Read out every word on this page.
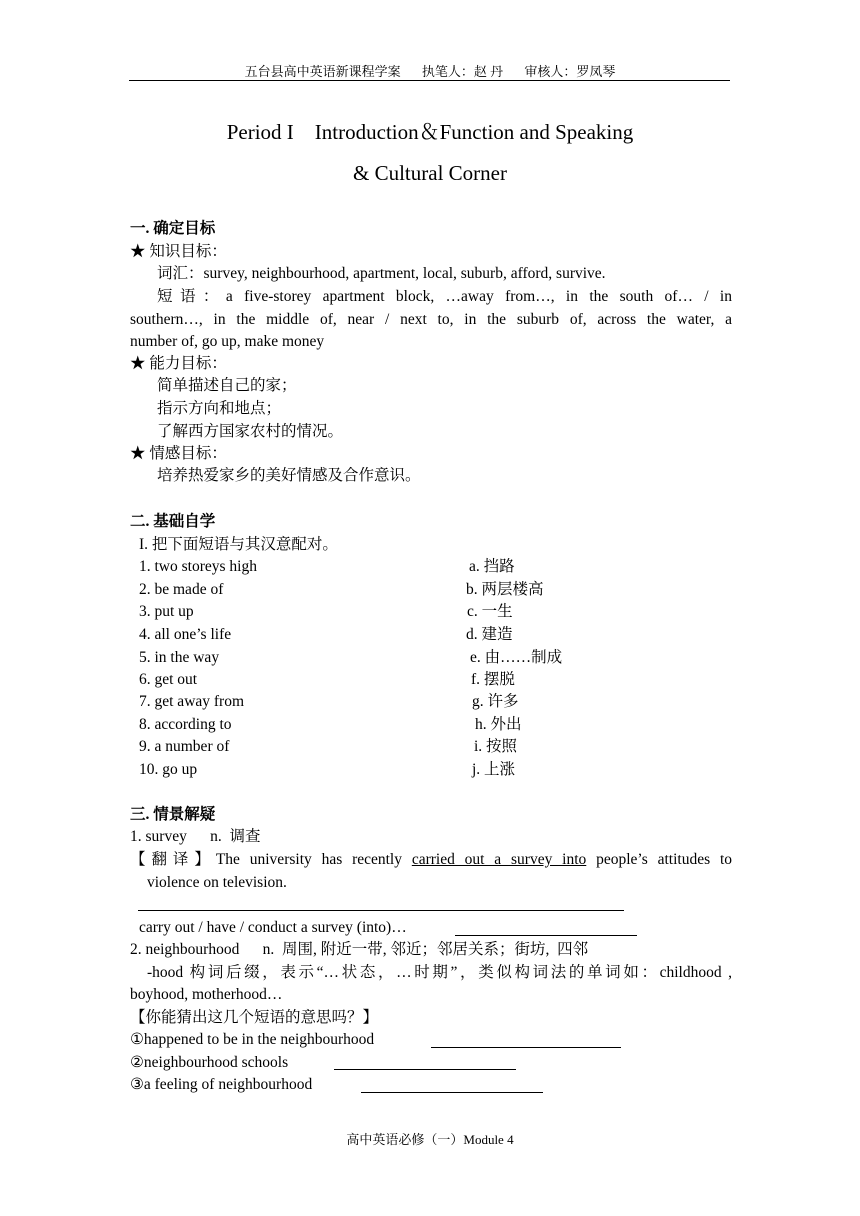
五台县高中英语新课程学案 执笔人：赵 丹 审核人：罗凤琴
Period I    Introduction＆Function and Speaking
& Cultural Corner
一. 确定目标
★ 知识目标：
词汇：survey, neighbourhood, apartment, local, suburb, afford, survive.
短语：a five-storey apartment block, …away from…, in the south of… / in
southern…, in the middle of, near / next to, in the suburb of, across the water, a
number of, go up, make money
★ 能力目标：
简单描述自己的家；
指示方向和地点；
了解西方国家农村的情况。
★ 情感目标：
培养热爱家乡的美好情感及合作意识。
二. 基础自学
I. 把下面短语与其汉意配对。
1. two storeys high
2. be made of
3. put up
4. all one’s life
5. in the way
6. get out
7. get away from
8. according to
9. a number of
10. go up
a. 挡路
b. 两层楼高
c. 一生
d. 建造
e. 由……制成
f. 摆脱
g. 许多
h. 外出
i. 按照
j. 上涨
三. 情景解疑
1. survey      n.  调查
【翻译】The university has recently carried out a survey into people’s attitudes to
violence on television.
carry out / have / conduct a survey (into)…
2. neighbourhood      n.  周围, 附近一带, 邻近；邻居关系；街坊,  四邻
-hood 构词后缀，表示“…状态，…时期”，类似构词法的单词如：childhood ,
boyhood, motherhood…
【你能猜出这几个短语的意思吗？】
①happened to be in the neighbourhood
②neighbourhood schools
③a feeling of neighbourhood
高中英语必修（一）Module 4
